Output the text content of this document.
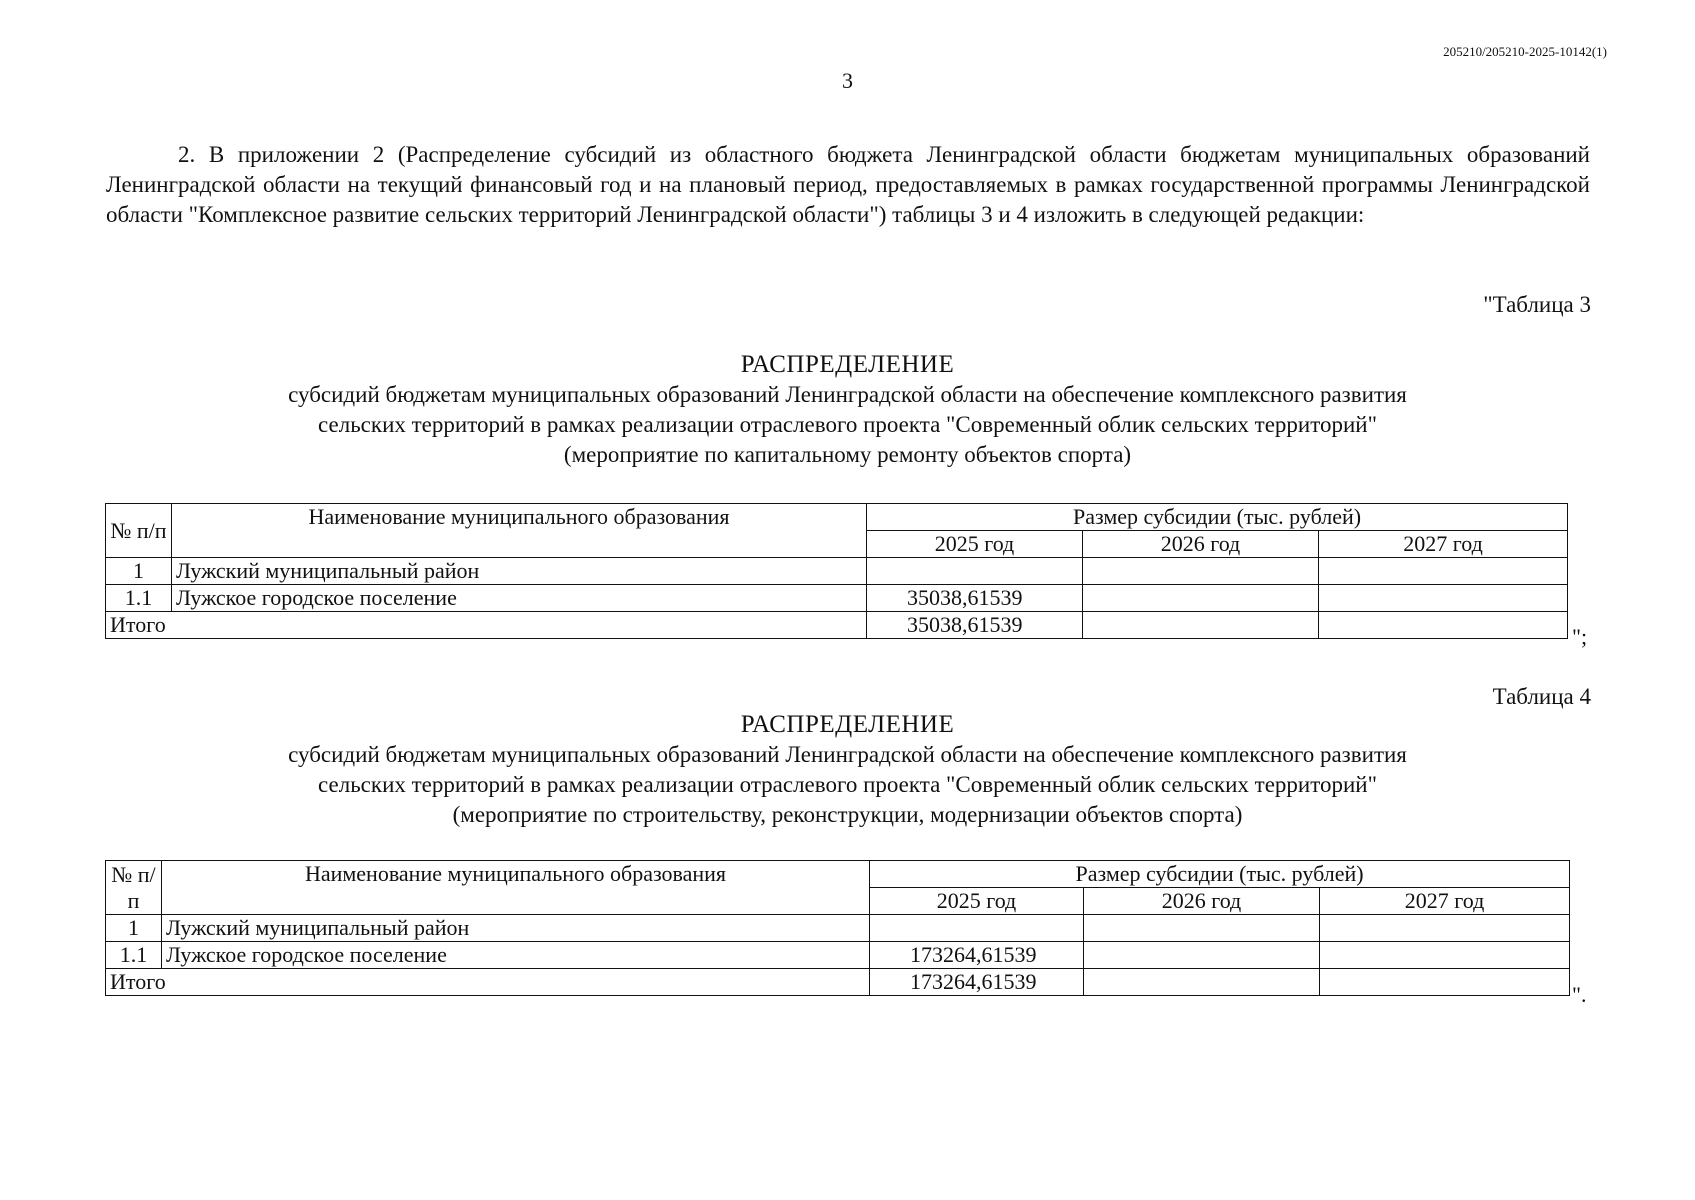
205210/205210-2025-10142(1)
3

2. В приложении 2 (Распределение субсидий из областного бюджета Ленинградской области бюджетам муниципальных образований Ленинградской области на текущий финансовый год и на плановый период, предоставляемых в рамках государственной программы Ленинградской области "Комплексное развитие сельских территорий Ленинградской области") таблицы 3 и 4 изложить в следующей редакции:

"Таблица 3
РАСПРЕДЕЛЕНИЕ
субсидий бюджетам муниципальных образований Ленинградской области на обеспечение комплексного развития
сельских территорий в рамках реализации отраслевого проекта "Современный облик сельских территорий"
(мероприятие по капитальному ремонту объектов спорта)
№ п/п	Наименование муниципального образования	Размер субсидии (тыс. рублей)		
		2025 год	2026 год	2027 год
1	Лужский муниципальный район			
1.1	Лужское городское поселение	35038,61539		
Итого		35038,61539			";
Таблица 4
РАСПРЕДЕЛЕНИЕ
субсидий бюджетам муниципальных образований Ленинградской области на обеспечение комплексного развития
сельских территорий в рамках реализации отраслевого проекта "Современный облик сельских территорий"
(мероприятие по строительству, реконструкции, модернизации объектов спорта)
№ п/п	Наименование муниципального образования	Размер субсидии (тыс. рублей)		
		2025 год	2026 год	2027 год
1	Лужский муниципальный район			
1.1	Лужское городское поселение	173264,61539		
Итого		173264,61539		
".
